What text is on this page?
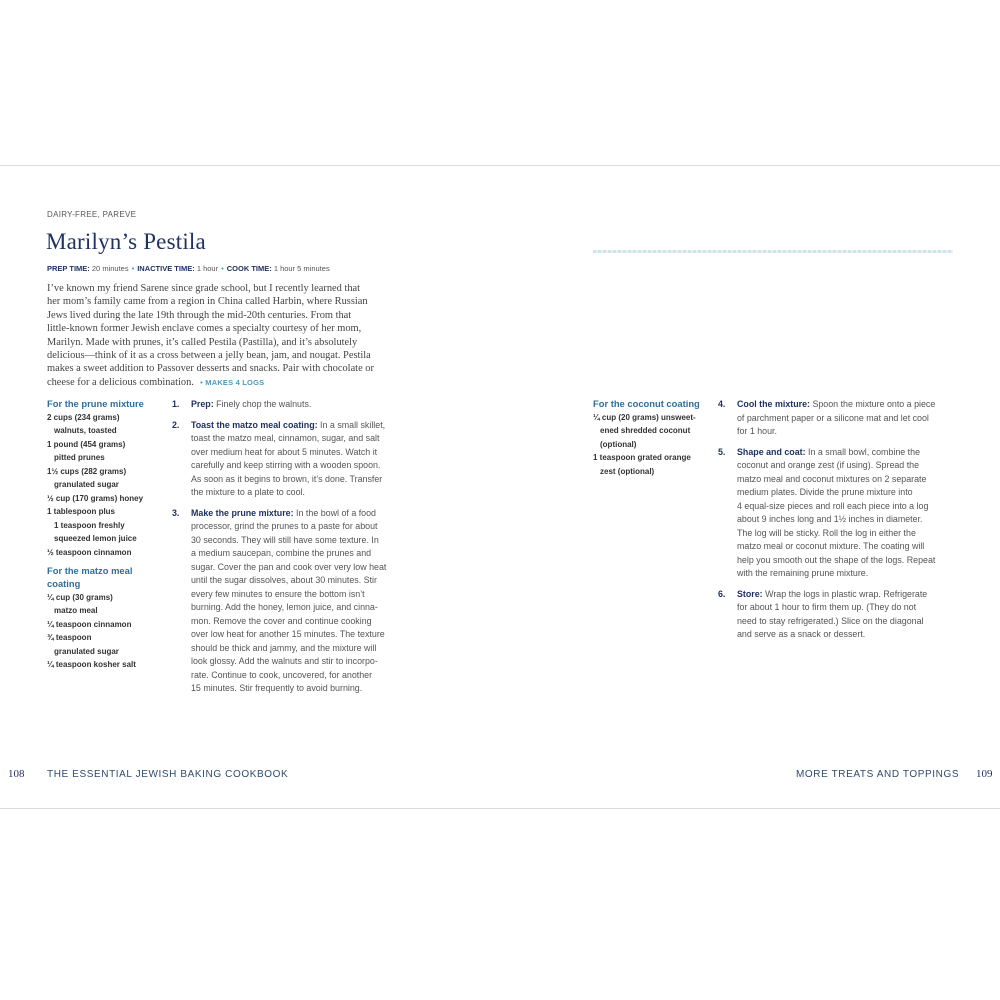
DAIRY-FREE, PAREVE
Marilyn’s Pestila
PREP TIME: 20 minutes • INACTIVE TIME: 1 hour • COOK TIME: 1 hour 5 minutes
I’ve known my friend Sarene since grade school, but I recently learned that
her mom’s family came from a region in China called Harbin, where Russian
Jews lived during the late 19th through the mid-20th centuries. From that
little-known former Jewish enclave comes a specialty courtesy of her mom,
Marilyn. Made with prunes, it’s called Pestila (Pastilla), and it’s absolutely
delicious—think of it as a cross between a jelly bean, jam, and nougat. Pestila
makes a sweet addition to Passover desserts and snacks. Pair with chocolate or
cheese for a delicious combination. • MAKES 4 LOGS
For the prune mixture
2 cups (234 grams)
walnuts, toasted
1 pound (454 grams)
pitted prunes
1½ cups (282 grams)
granulated sugar
½ cup (170 grams) honey
1 tablespoon plus
1 teaspoon freshly
squeezed lemon juice
½ teaspoon cinnamon
For the matzo meal coating
¼ cup (30 grams)
matzo meal
¼ teaspoon cinnamon
¾ teaspoon
granulated sugar
¼ teaspoon kosher salt
1. Prep: Finely chop the walnuts.
2. Toast the matzo meal coating: In a small skillet,
toast the matzo meal, cinnamon, sugar, and salt
over medium heat for about 5 minutes. Watch it
carefully and keep stirring with a wooden spoon.
As soon as it begins to brown, it’s done. Transfer
the mixture to a plate to cool.
3. Make the prune mixture: In the bowl of a food
processor, grind the prunes to a paste for about
30 seconds. They will still have some texture. In
a medium saucepan, combine the prunes and
sugar. Cover the pan and cook over very low heat
until the sugar dissolves, about 30 minutes. Stir
every few minutes to ensure the bottom isn’t
burning. Add the honey, lemon juice, and cinna-
mon. Remove the cover and continue cooking
over low heat for another 15 minutes. The texture
should be thick and jammy, and the mixture will
look glossy. Add the walnuts and stir to incorpo-
rate. Continue to cook, uncovered, for another
15 minutes. Stir frequently to avoid burning.
For the coconut coating
¼ cup (20 grams) unsweet-
ened shredded coconut
(optional)
1 teaspoon grated orange
zest (optional)
4. Cool the mixture: Spoon the mixture onto a piece
of parchment paper or a silicone mat and let cool
for 1 hour.
5. Shape and coat: In a small bowl, combine the
coconut and orange zest (if using). Spread the
matzo meal and coconut mixtures on 2 separate
medium plates. Divide the prune mixture into
4 equal-size pieces and roll each piece into a log
about 9 inches long and 1½ inches in diameter.
The log will be sticky. Roll the log in either the
matzo meal or coconut mixture. The coating will
help you smooth out the shape of the logs. Repeat
with the remaining prune mixture.
6. Store: Wrap the logs in plastic wrap. Refrigerate
for about 1 hour to firm them up. (They do not
need to stay refrigerated.) Slice on the diagonal
and serve as a snack or dessert.
108 THE ESSENTIAL JEWISH BAKING COOKBOOK	MORE TREATS AND TOPPINGS 109
